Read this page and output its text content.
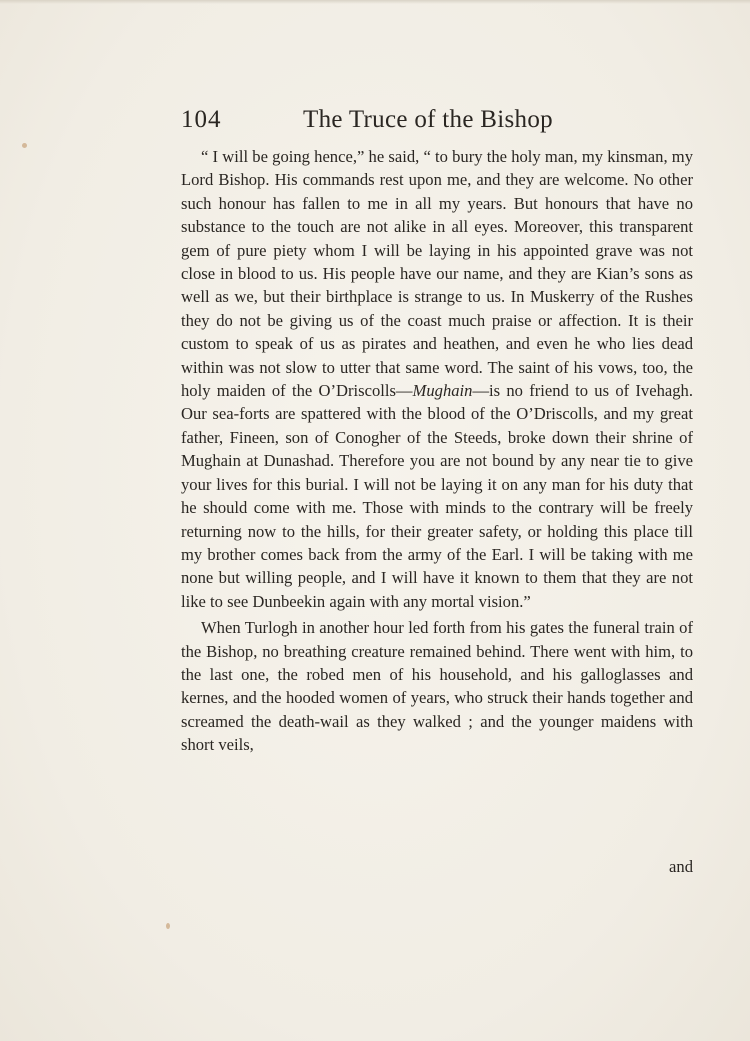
104	The Truce of the Bishop

“ I will be going hence,” he said, “ to bury the holy man, my kinsman, my Lord Bishop. His commands rest upon me, and they are welcome. No other such honour has fallen to me in all my years. But honours that have no substance to the touch are not alike in all eyes. Moreover, this transparent gem of pure piety whom I will be laying in his appointed grave was not close in blood to us. His people have our name, and they are Kian’s sons as well as we, but their birthplace is strange to us. In Muskerry of the Rushes they do not be giving us of the coast much praise or affection. It is their custom to speak of us as pirates and heathen, and even he who lies dead within was not slow to utter that same word. The saint of his vows, too, the holy maiden of the O’Driscolls—Mughain—is no friend to us of Ivehagh. Our sea-forts are spattered with the blood of the O’Driscolls, and my great father, Fineen, son of Conogher of the Steeds, broke down their shrine of Mughain at Dunashad. Therefore you are not bound by any near tie to give your lives for this burial. I will not be laying it on any man for his duty that he should come with me. Those with minds to the contrary will be freely returning now to the hills, for their greater safety, or holding this place till my brother comes back from the army of the Earl. I will be taking with me none but willing people, and I will have it known to them that they are not like to see Dunbeekin again with any mortal vision.”

When Turlogh in another hour led forth from his gates the funeral train of the Bishop, no breathing creature remained behind. There went with him, to the last one, the robed men of his household, and his galloglasses and kernes, and the hooded women of years, who struck their hands together and screamed the death-wail as they walked ; and the younger maidens with short veils,

and
